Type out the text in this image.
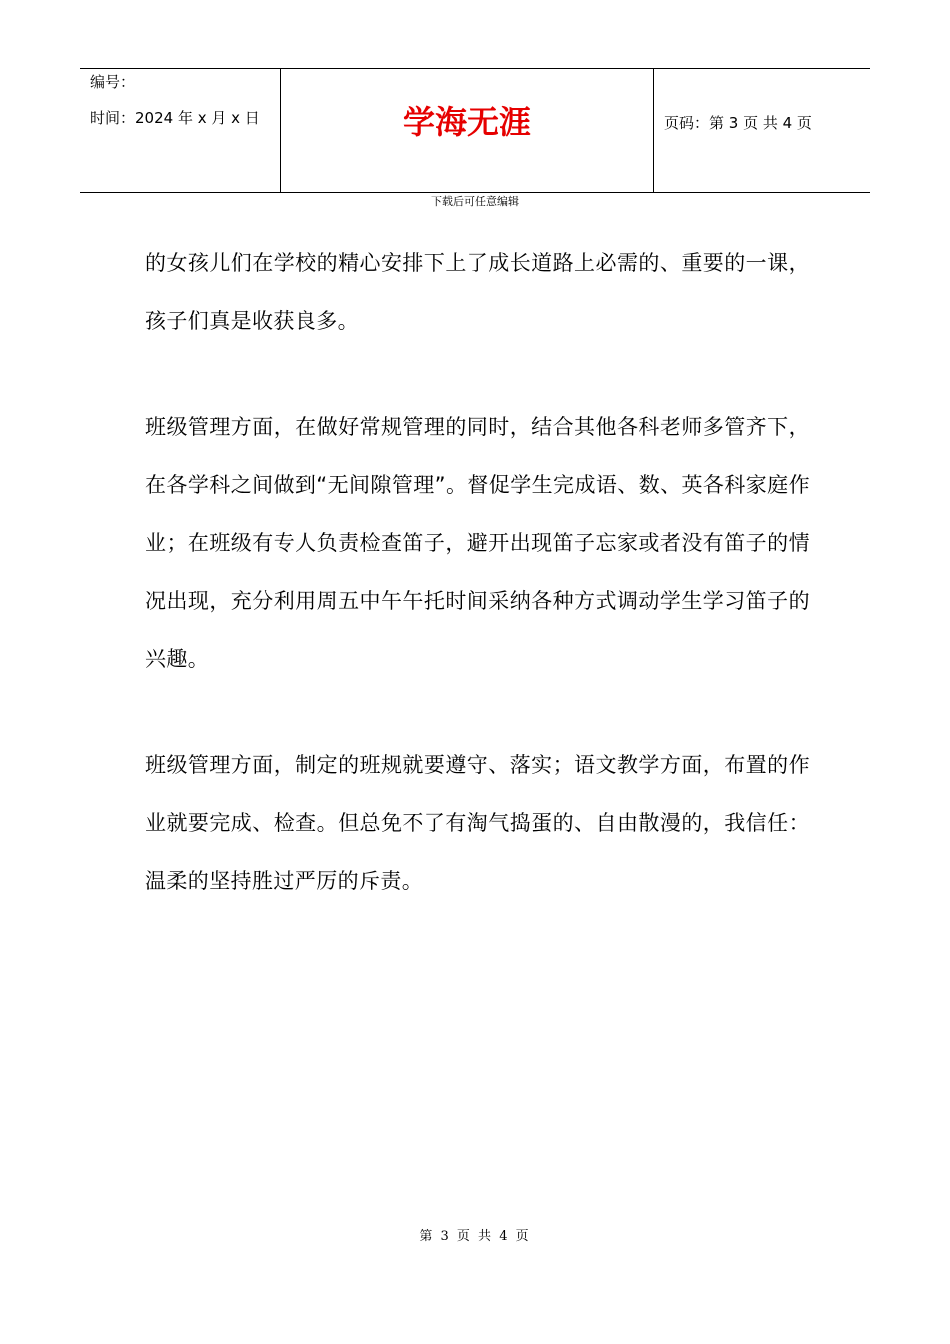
编号：
时间：2024 年 x 月 x 日	学海无涯	页码：第 3 页 共 4 页
下载后可任意编辑

的女孩儿们在学校的精心安排下上了成长道路上必需的、重要的一课，孩子们真是收获良多。

班级管理方面，在做好常规管理的同时，结合其他各科老师多管齐下，在各学科之间做到“无间隙管理”。督促学生完成语、数、英各科家庭作业；在班级有专人负责检查笛子，避开出现笛子忘家或者没有笛子的情况出现，充分利用周五中午午托时间采纳各种方式调动学生学习笛子的兴趣。

班级管理方面，制定的班规就要遵守、落实；语文教学方面，布置的作业就要完成、检查。但总免不了有淘气捣蛋的、自由散漫的，我信任：温柔的坚持胜过严厉的斥责。

第 3 页 共 4 页
